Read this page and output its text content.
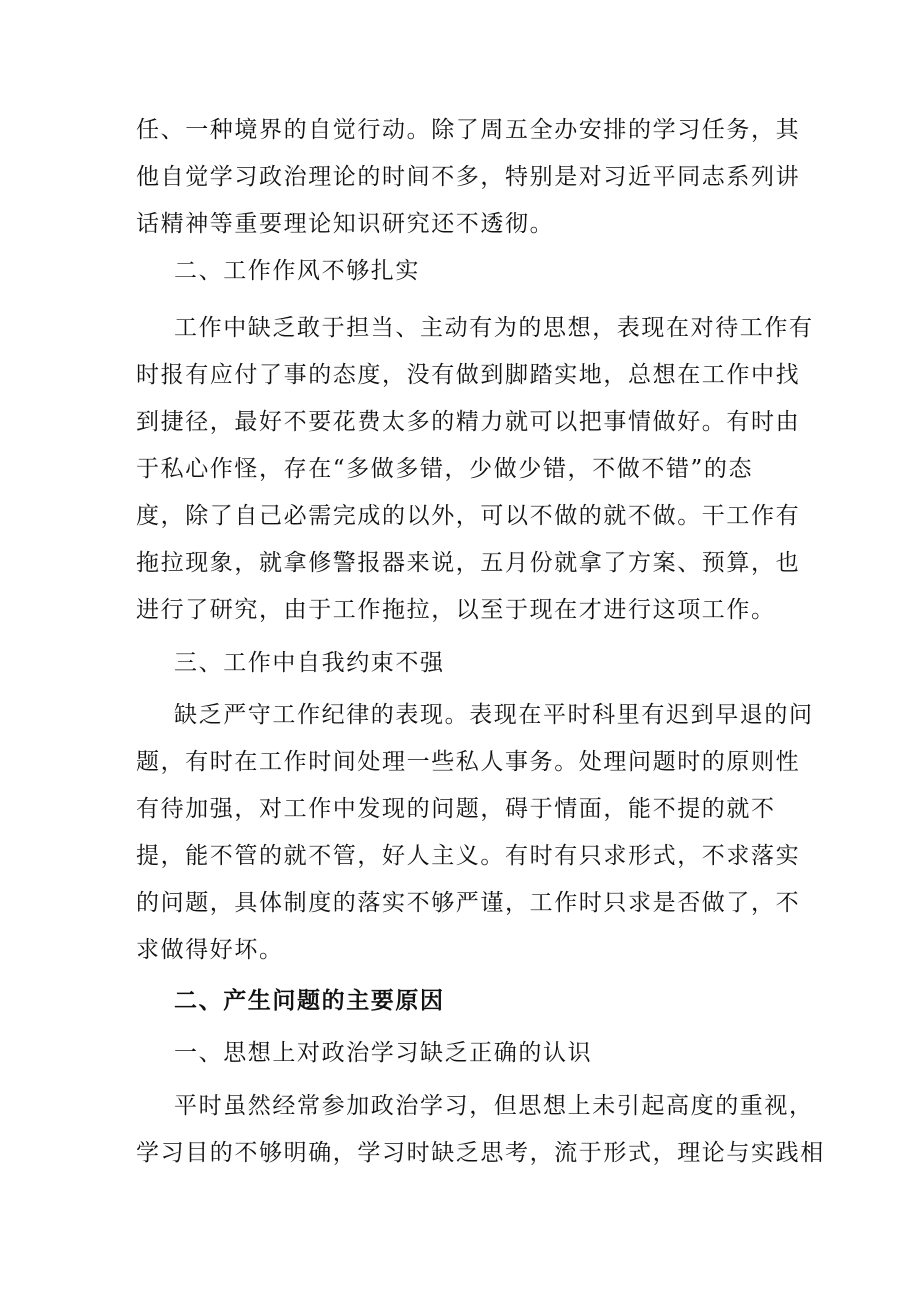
任、一种境界的自觉行动。除了周五全办安排的学习任务，其
他自觉学习政治理论的时间不多，特别是对习近平同志系列讲
话精神等重要理论知识研究还不透彻。
二、工作作风不够扎实
工作中缺乏敢于担当、主动有为的思想，表现在对待工作有
时报有应付了事的态度，没有做到脚踏实地，总想在工作中找
到捷径，最好不要花费太多的精力就可以把事情做好。有时由
于私心作怪，存在“多做多错，少做少错，不做不错”的态
度，除了自己必需完成的以外，可以不做的就不做。干工作有
拖拉现象，就拿修警报器来说，五月份就拿了方案、预算，也
进行了研究，由于工作拖拉，以至于现在才进行这项工作。
三、工作中自我约束不强
缺乏严守工作纪律的表现。表现在平时科里有迟到早退的问
题，有时在工作时间处理一些私人事务。处理问题时的原则性
有待加强，对工作中发现的问题，碍于情面，能不提的就不
提，能不管的就不管，好人主义。有时有只求形式，不求落实
的问题，具体制度的落实不够严谨，工作时只求是否做了，不
求做得好坏。
二、产生问题的主要原因
一、思想上对政治学习缺乏正确的认识
平时虽然经常参加政治学习，但思想上未引起高度的重视，
学习目的不够明确，学习时缺乏思考，流于形式，理论与实践相
